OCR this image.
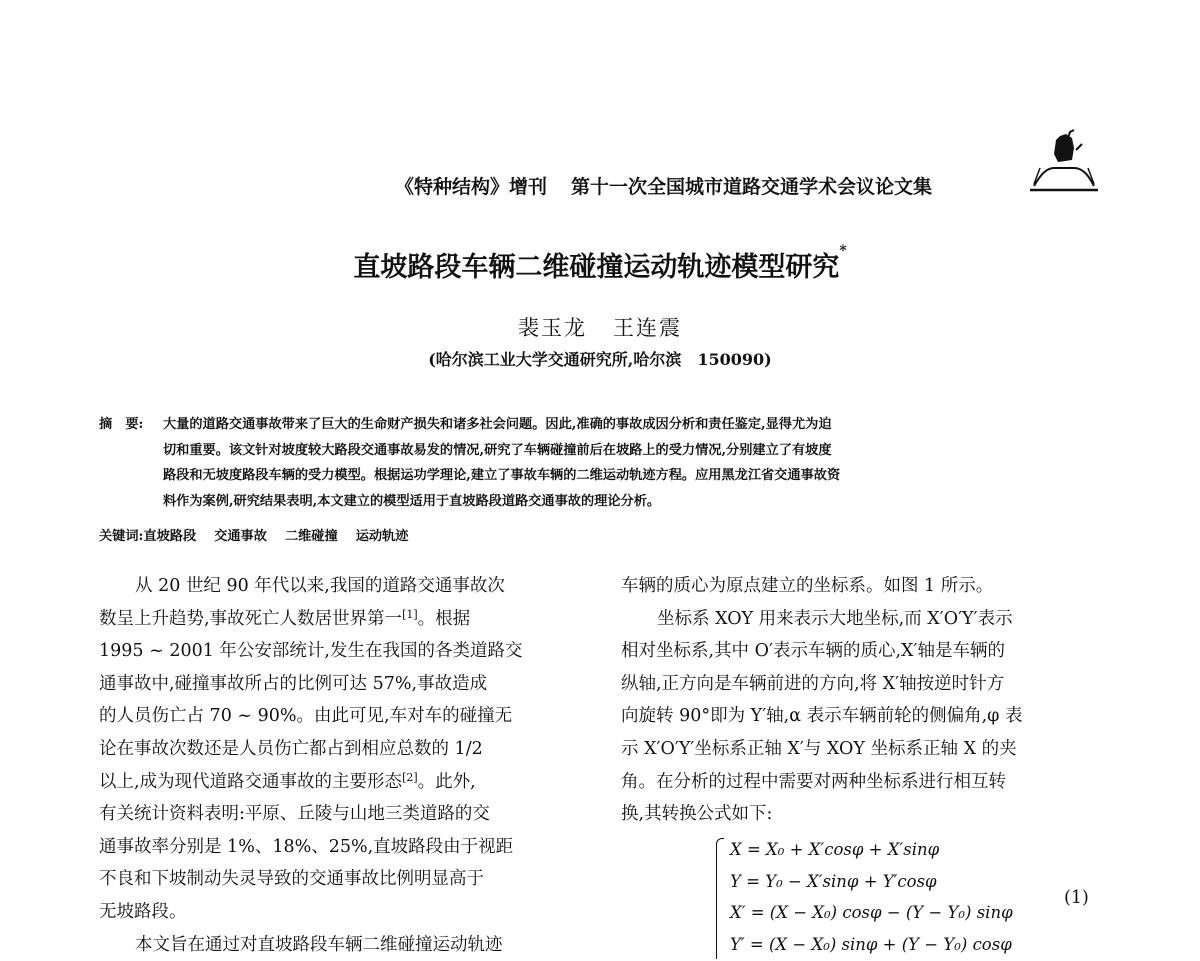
《特种结构》增刊 第十一次全国城市道路交通学术会议论文集
直坡路段车辆二维碰撞运动轨迹模型研究*
裴玉龙 王连震
(哈尔滨工业大学交通研究所,哈尔滨　150090)
摘　要: 大量的道路交通事故带来了巨大的生命财产损失和诸多社会问题。因此,准确的事故成因分析和责任鉴定,显得尤为迫
切和重要。该文针对坡度较大路段交通事故易发的情况,研究了车辆碰撞前后在坡路上的受力情况,分别建立了有坡度
路段和无坡度路段车辆的受力模型。根据运功学理论,建立了事故车辆的二维运动轨迹方程。应用黑龙江省交通事故资
料作为案例,研究结果表明,本文建立的模型适用于直坡路段道路交通事故的理论分析。
关键词:直坡路段 交通事故 二维碰撞 运动轨迹
从 20 世纪 90 年代以来,我国的道路交通事故次
数呈上升趋势,事故死亡人数居世界第一[1]。根据
1995 ~ 2001 年公安部统计,发生在我国的各类道路交
通事故中,碰撞事故所占的比例可达 57%,事故造成
的人员伤亡占 70 ~ 90%。由此可见,车对车的碰撞无
论在事故次数还是人员伤亡都占到相应总数的 1/2
以上,成为现代道路交通事故的主要形态[2]。此外,
有关统计资料表明:平原、丘陵与山地三类道路的交
通事故率分别是 1%、18%、25%,直坡路段由于视距
不良和下坡制动失灵导致的交通事故比例明显高于
无坡路段。
本文旨在通过对直坡路段车辆二维碰撞运动轨迹
车辆的质心为原点建立的坐标系。如图 1 所示。
坐标系 XOY 用来表示大地坐标,而 X′O′Y′表示
相对坐标系,其中 O′表示车辆的质心,X′轴是车辆的
纵轴,正方向是车辆前进的方向,将 X′轴按逆时针方
向旋转 90°即为 Y′轴,α 表示车辆前轮的侧偏角,φ 表
示 X′O′Y′坐标系正轴 X′与 XOY 坐标系正轴 X 的夹
角。在分析的过程中需要对两种坐标系进行相互转
换,其转换公式如下:
X = X₀ + X′cosφ + X′sinφ
Y = Y₀ − X′sinφ + Y′cosφ
X′ = (X − X₀) cosφ − (Y − Y₀) sinφ
Y′ = (X − X₀) sinφ + (Y − Y₀) cosφ
(1)
